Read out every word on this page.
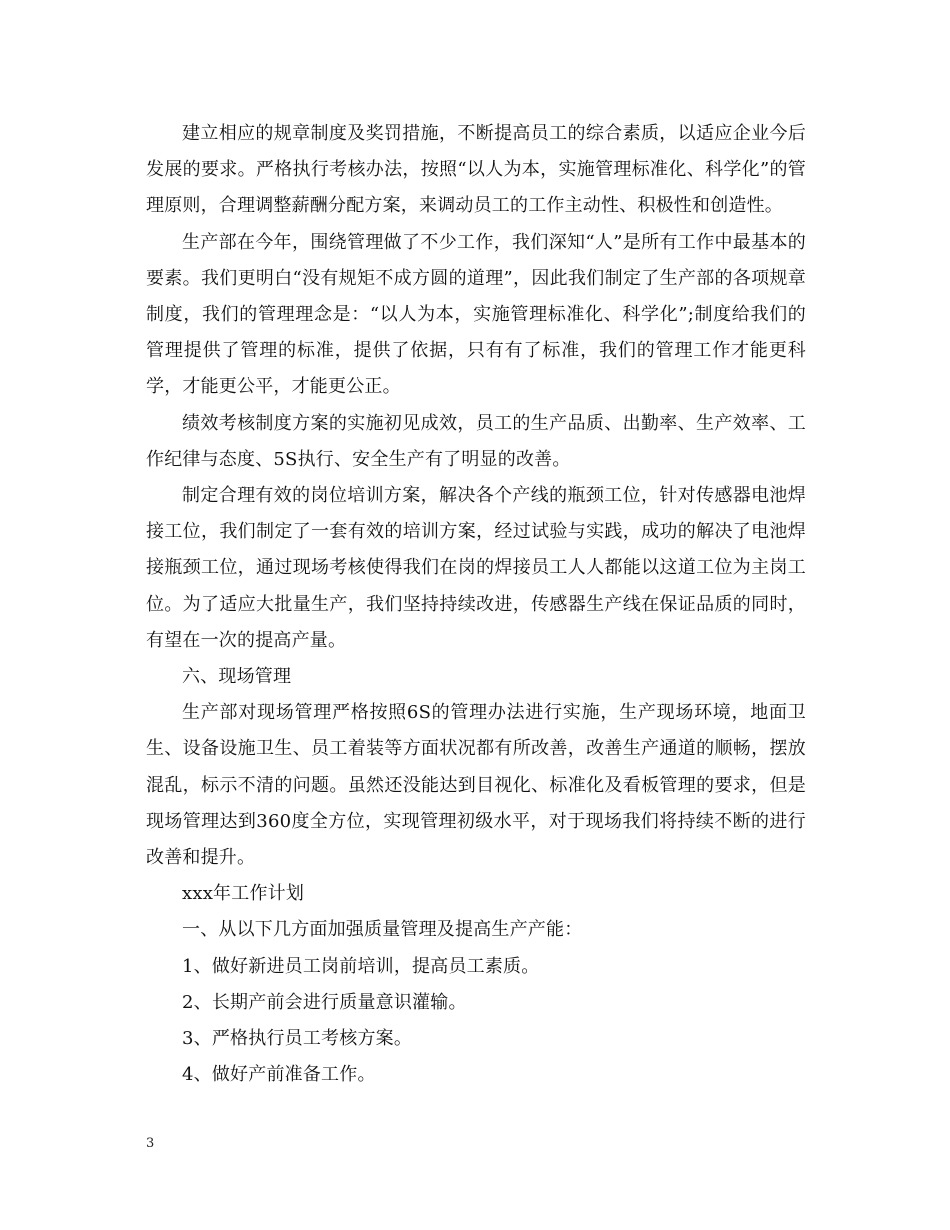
建立相应的规章制度及奖罚措施，不断提高员工的综合素质，以适应企业今后发展的要求。严格执行考核办法，按照“以人为本，实施管理标准化、科学化”的管理原则，合理调整薪酬分配方案，来调动员工的工作主动性、积极性和创造性。

生产部在今年，围绕管理做了不少工作，我们深知“人”是所有工作中最基本的要素。我们更明白“没有规矩不成方圆的道理”，因此我们制定了生产部的各项规章制度，我们的管理理念是：“以人为本，实施管理标准化、科学化”;制度给我们的管理提供了管理的标准，提供了依据，只有有了标准，我们的管理工作才能更科学，才能更公平，才能更公正。

绩效考核制度方案的实施初见成效，员工的生产品质、出勤率、生产效率、工作纪律与态度、5S执行、安全生产有了明显的改善。

制定合理有效的岗位培训方案，解决各个产线的瓶颈工位，针对传感器电池焊接工位，我们制定了一套有效的培训方案，经过试验与实践，成功的解决了电池焊接瓶颈工位，通过现场考核使得我们在岗的焊接员工人人都能以这道工位为主岗工位。为了适应大批量生产，我们坚持持续改进，传感器生产线在保证品质的同时，有望在一次的提高产量。

六、现场管理

生产部对现场管理严格按照6S的管理办法进行实施，生产现场环境，地面卫生、设备设施卫生、员工着装等方面状况都有所改善，改善生产通道的顺畅，摆放混乱，标示不清的问题。虽然还没能达到目视化、标准化及看板管理的要求，但是现场管理达到360度全方位，实现管理初级水平，对于现场我们将持续不断的进行改善和提升。

xxx年工作计划

一、从以下几方面加强质量管理及提高生产产能：

1、做好新进员工岗前培训，提高员工素质。

2、长期产前会进行质量意识灌输。

3、严格执行员工考核方案。

4、做好产前准备工作。

3
